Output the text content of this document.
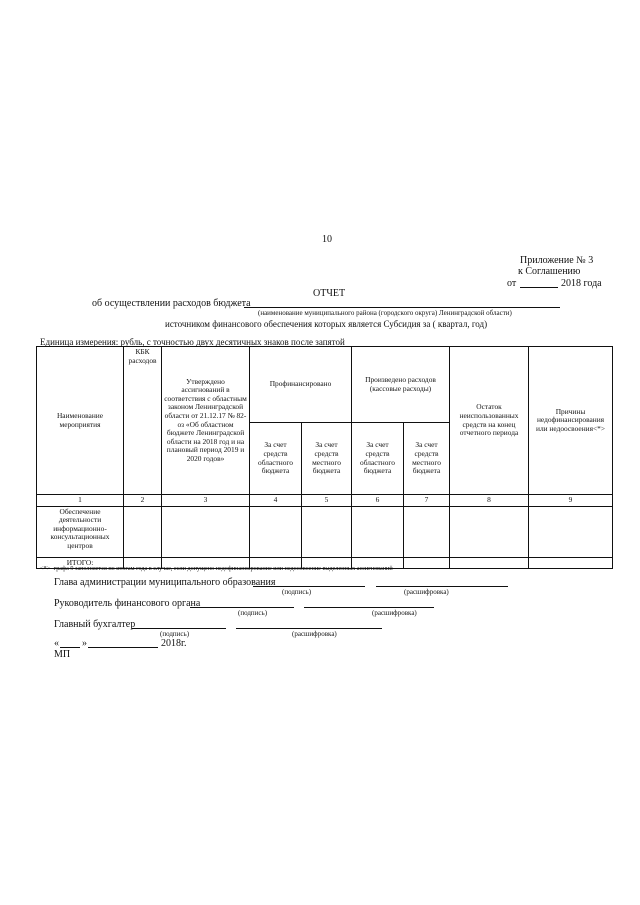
10
Приложение № 3
к Соглашению
от	2018 года
ОТЧЕТ
об осуществлении расходов бюджета
(наименование муниципального района (городского округа) Ленинградской области)
источником финансового обеспечения которых является Субсидия за ( квартал, год)
Единица измерения: рубль, с точностью двух десятичных знаков после запятой
Наименование мероприятия	КБК расходов	Утверждено ассигнований в соответствия с областным законом Ленинградской области от 21.12.17 № 82-оз «Об областном бюджете Ленинградской области на 2018 год и на плановый период 2019 и 2020 годов»	Профинансировано		Произведено расходов (кассовые расходы)		Остаток неиспользованных средств на конец отчетного периода	Причины недофинансирования или недоосвоения<*>
			За счет средств областного бюджета	За счет средств местного бюджета	За счет средств областного бюджета	За счет средств местного бюджета		
1	2	3	4	5	6	7	8	9
Обеспечение деятельности информационно-консультационных центров								
ИТОГО:								
<*> -графа 9 заполняется по итогам года в случае, если допущено недофинансирование или недоосвоение выделенных ассигнований
Глава администрации муниципального образования
(подпись)	(расшифровка)
Руководитель финансового органа
(подпись)	(расшифровка)
Главный бухгалтер
(подпись)	(расшифровка)
« »	2018г.
МП
